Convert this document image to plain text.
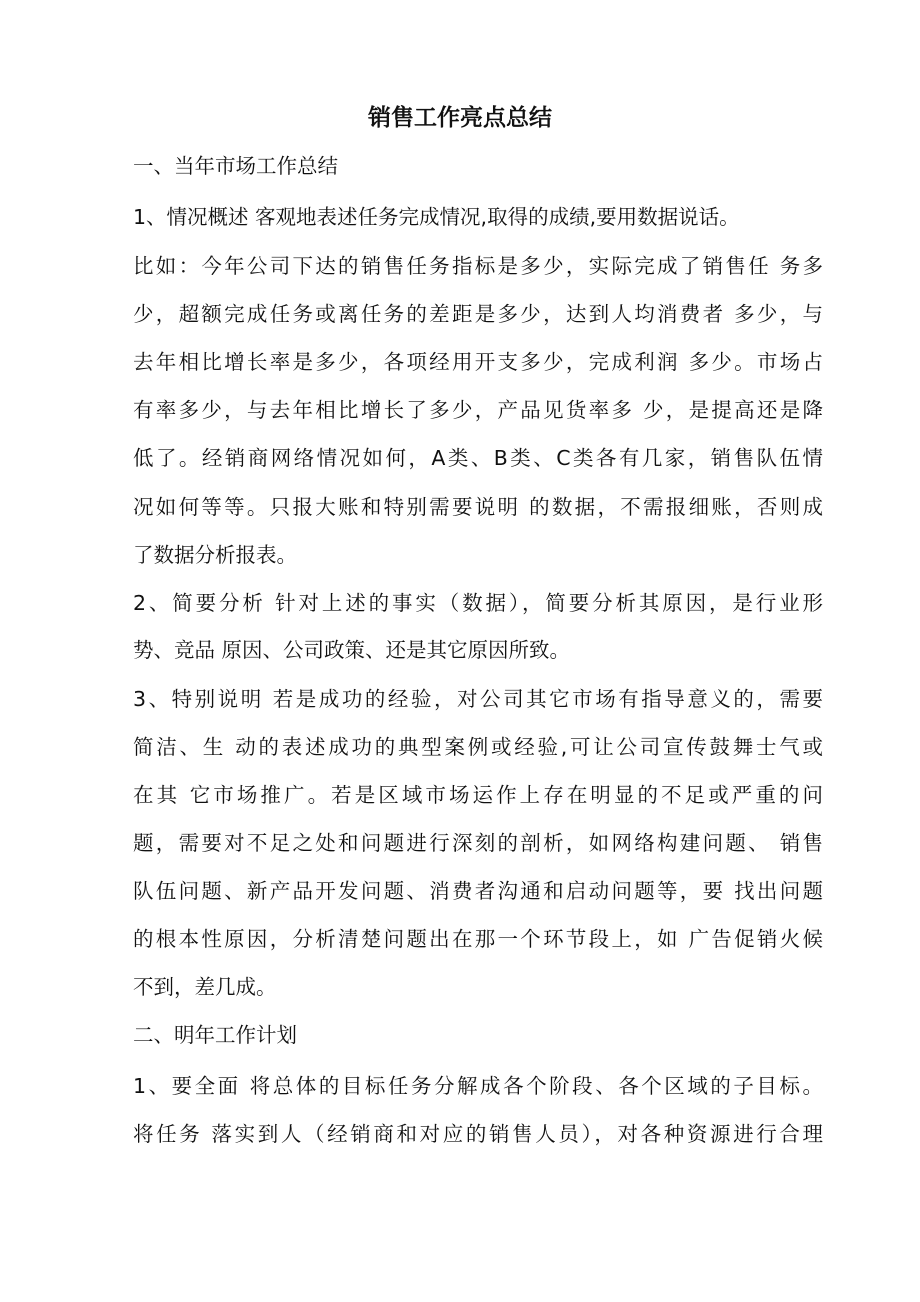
销售工作亮点总结
一、当年市场工作总结
1、情况概述 客观地表述任务完成情况,取得的成绩,要用数据说话。
比如：今年公司下达的销售任务指标是多少，实际完成了销售任 务多
少，超额完成任务或离任务的差距是多少，达到人均消费者 多少，与
去年相比增长率是多少，各项经用开支多少，完成利润 多少。市场占
有率多少，与去年相比增长了多少，产品见货率多 少，是提高还是降
低了。经销商网络情况如何，A类、B类、C类各有几家，销售队伍情
况如何等等。只报大账和特别需要说明 的数据，不需报细账，否则成
了数据分析报表。
2、简要分析 针对上述的事实（数据），简要分析其原因，是行业形
势、竞品 原因、公司政策、还是其它原因所致。
3、特别说明 若是成功的经验，对公司其它市场有指导意义的，需要
简洁、生 动的表述成功的典型案例或经验,可让公司宣传鼓舞士气或
在其 它市场推广。若是区域市场运作上存在明显的不足或严重的问
题，需要对不足之处和问题进行深刻的剖析，如网络构建问题、 销售
队伍问题、新产品开发问题、消费者沟通和启动问题等，要 找出问题
的根本性原因，分析清楚问题出在那一个环节段上，如 广告促销火候
不到，差几成。
二、明年工作计划
1、要全面 将总体的目标任务分解成各个阶段、各个区域的子目标。
将任务 落实到人（经销商和对应的销售人员），对各种资源进行合理
